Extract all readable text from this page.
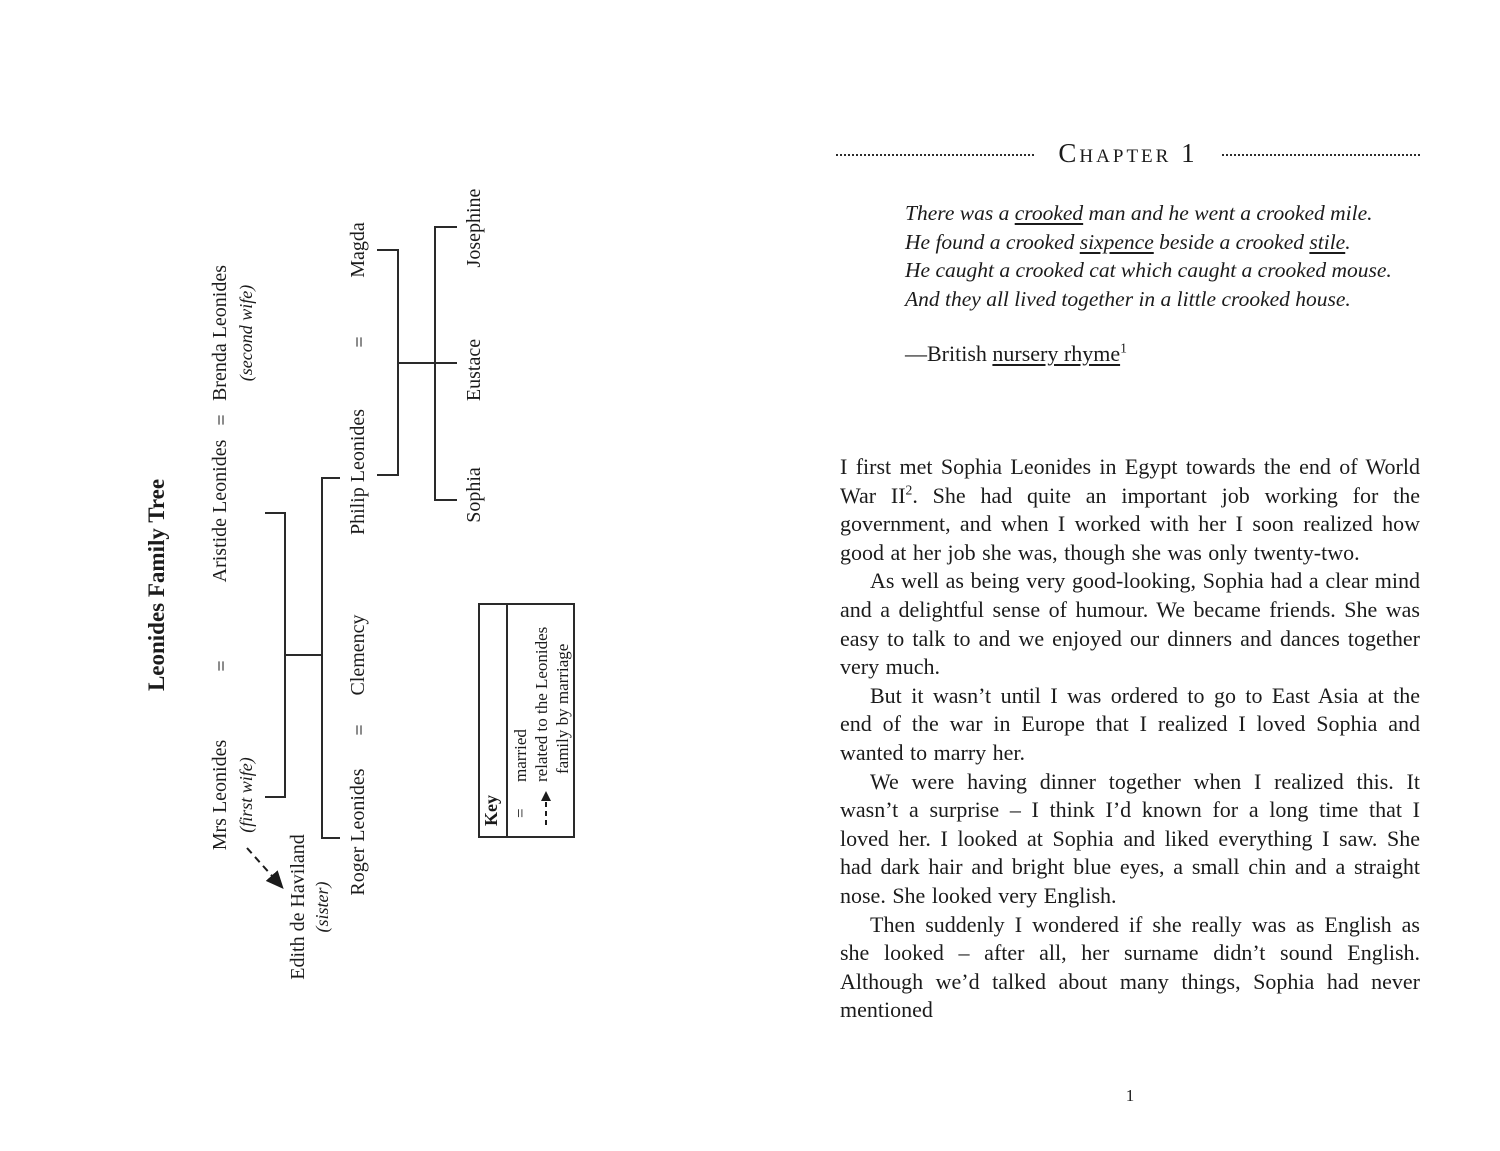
Leonides Family Tree
Mrs Leonides (first wife)
=
Aristide Leonides
=
Brenda Leonides (second wife)
Edith de Haviland (sister)
Roger Leonides
=
Clemency
Philip Leonides
=
Magda
Sophia
Eustace
Josephine
Key =
married related to the Leonides family by marriage
Chapter 1
There was a crooked man and he went a crooked mile.
He found a crooked sixpence beside a crooked stile.
He caught a crooked cat which caught a crooked mouse.
And they all lived together in a little crooked house.
—British nursery rhyme$^1$

I first met Sophia Leonides in Egypt towards the end of World War $II^2$. She had quite an important job working for the government, and when I worked with her I soon realized how good at her job she was, though she was only twenty-two.

As well as being very good-looking, Sophia had a clear mind and a delightful sense of humour. We became friends. She was easy to talk to and we enjoyed our dinners and dances together very much.

But it wasn’t until I was ordered to go to East Asia at the end of the war in Europe that I realized I loved Sophia and wanted to marry her.

We were having dinner together when I realized this. It wasn’t a surprise – I think I’d known for a long time that I loved her. I looked at Sophia and liked everything I saw. She had dark hair and bright blue eyes, a small chin and a straight nose. She looked very English.

Then suddenly I wondered if she really was as English as she looked – after all, her surname didn’t sound English. Although we’d talked about many things, Sophia had never mentioned

1
